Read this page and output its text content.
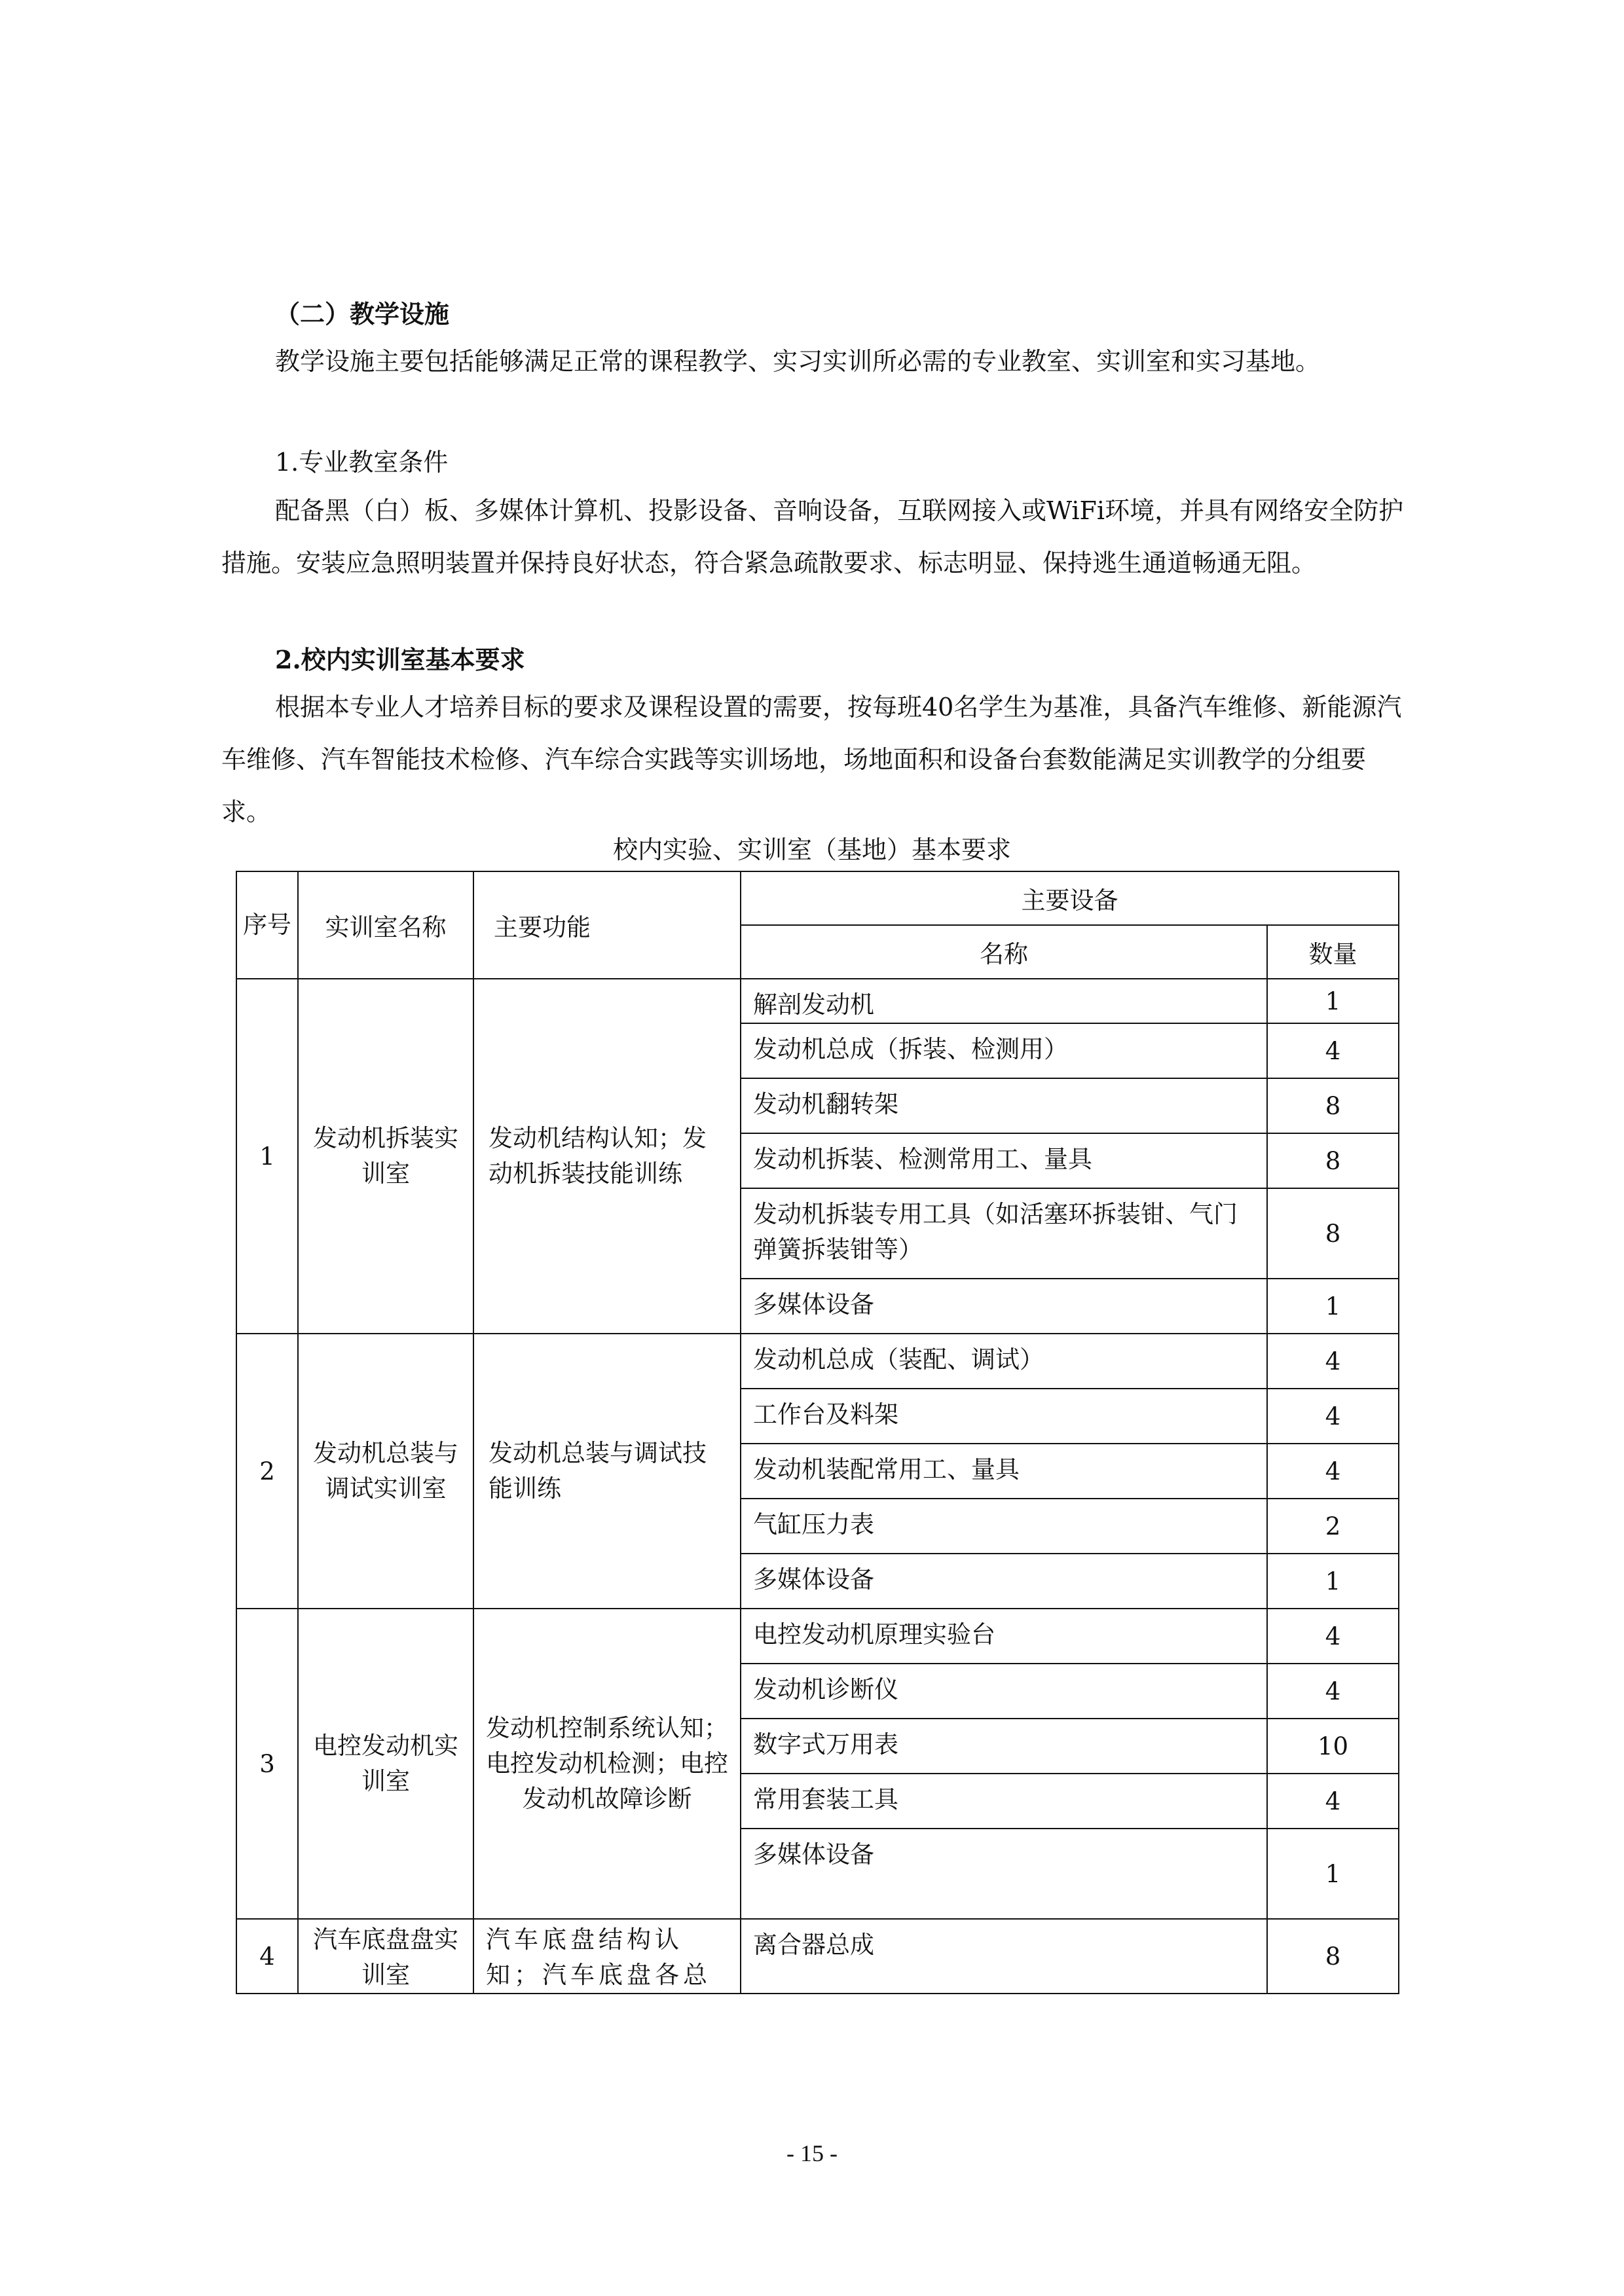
（二）教学设施

教学设施主要包括能够满足正常的课程教学、实习实训所必需的专业教室、实训室和实习基地。

1.专业教室条件

配备黑（白）板、多媒体计算机、投影设备、音响设备，互联网接入或WiFi环境，并具有网络安全防护措施。安装应急照明装置并保持良好状态，符合紧急疏散要求、标志明显、保持逃生通道畅通无阻。

2.校内实训室基本要求

根据本专业人才培养目标的要求及课程设置的需要，按每班40名学生为基准，具备汽车维修、新能源汽车维修、汽车智能技术检修、汽车综合实践等实训场地，场地面积和设备台套数能满足实训教学的分组要求。

校内实验、实训室（基地）基本要求
序号	实训室名称	主要功能	主要设备	
			名称	数量
1	发动机拆装实训室	发动机结构认知；发动机拆装技能训练	解剖发动机	1
			发动机总成（拆装、检测用）	4
			发动机翻转架	8
			发动机拆装、检测常用工、量具	8
			发动机拆装专用工具（如活塞环拆装钳、气门弹簧拆装钳等）	8
			多媒体设备	1
2	发动机总装与调试实训室	发动机总装与调试技能训练	发动机总成（装配、调试）	4
			工作台及料架	4
			发动机装配常用工、量具	4
			气缸压力表	2
			多媒体设备	1
3	电控发动机实训室	发动机控制系统认知；电控发动机检测；电控发动机故障诊断	电控发动机原理实验台	4
			发动机诊断仪	4
			数字式万用表	10
			常用套装工具	4
			多媒体设备	1
4	汽车底盘盘实训室	汽车底盘结构认知；汽车底盘各总	离合器总成	8
- 15 -
